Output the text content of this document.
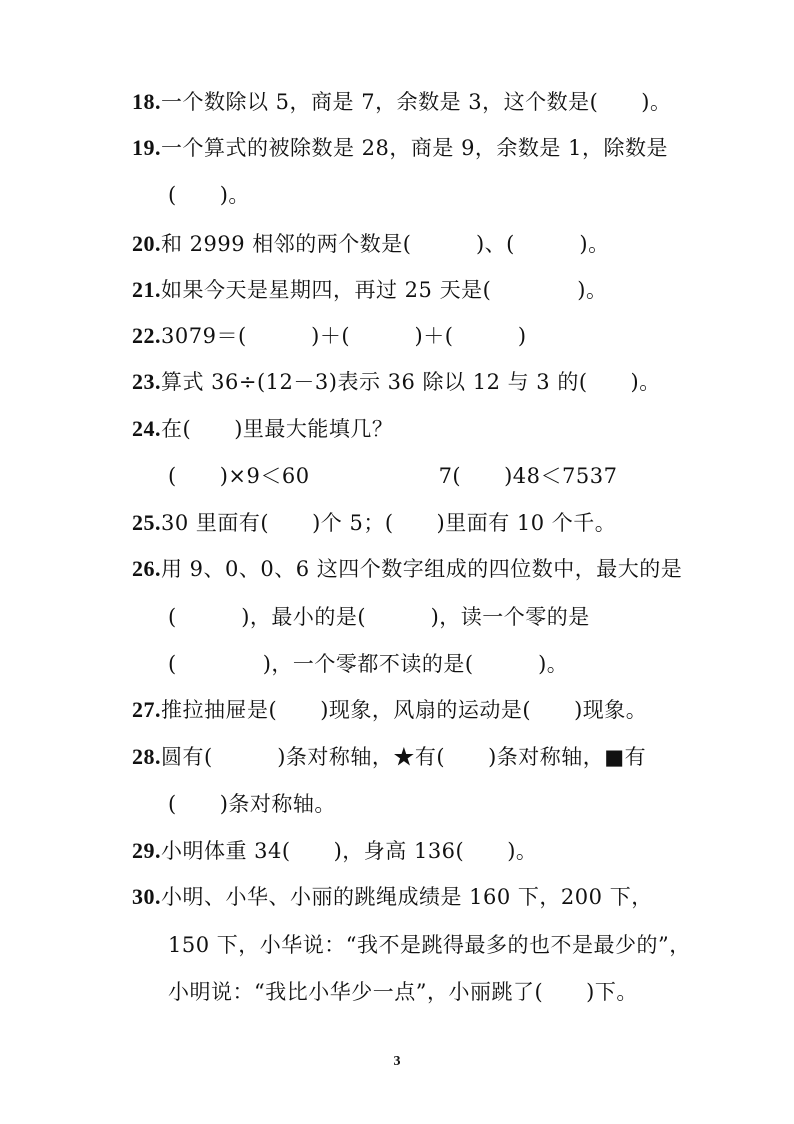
18.一个数除以 5，商是 7，余数是 3，这个数是(　　)。
19.一个算式的被除数是 28，商是 9，余数是 1，除数是
(　　)。
20.和 2999 相邻的两个数是(　　　)、(　　　)。
21.如果今天是星期四，再过 25 天是(　　　　)。
22.3079＝(　　　)＋(　　　)＋(　　　)
23.算式 36÷(12－3)表示 36 除以 12 与 3 的(　　)。
24.在(　　)里最大能填几？
(　　)×9＜60　　　　　　7(　　)48＜7537
25.30 里面有(　　)个 5；(　　)里面有 10 个千。
26.用 9、0、0、6 这四个数字组成的四位数中，最大的是
(　　　)，最小的是(　　　)，读一个零的是
(　　　　)，一个零都不读的是(　　　)。
27.推拉抽屉是(　　)现象，风扇的运动是(　　)现象。
28.圆有(　　　)条对称轴，★有(　　)条对称轴，■有
(　　)条对称轴。
29.小明体重 34(　　)，身高 136(　　)。
30.小明、小华、小丽的跳绳成绩是 160 下，200 下，
150 下，小华说：“我不是跳得最多的也不是最少的”，
小明说：“我比小华少一点”，小丽跳了(　　)下。
3
